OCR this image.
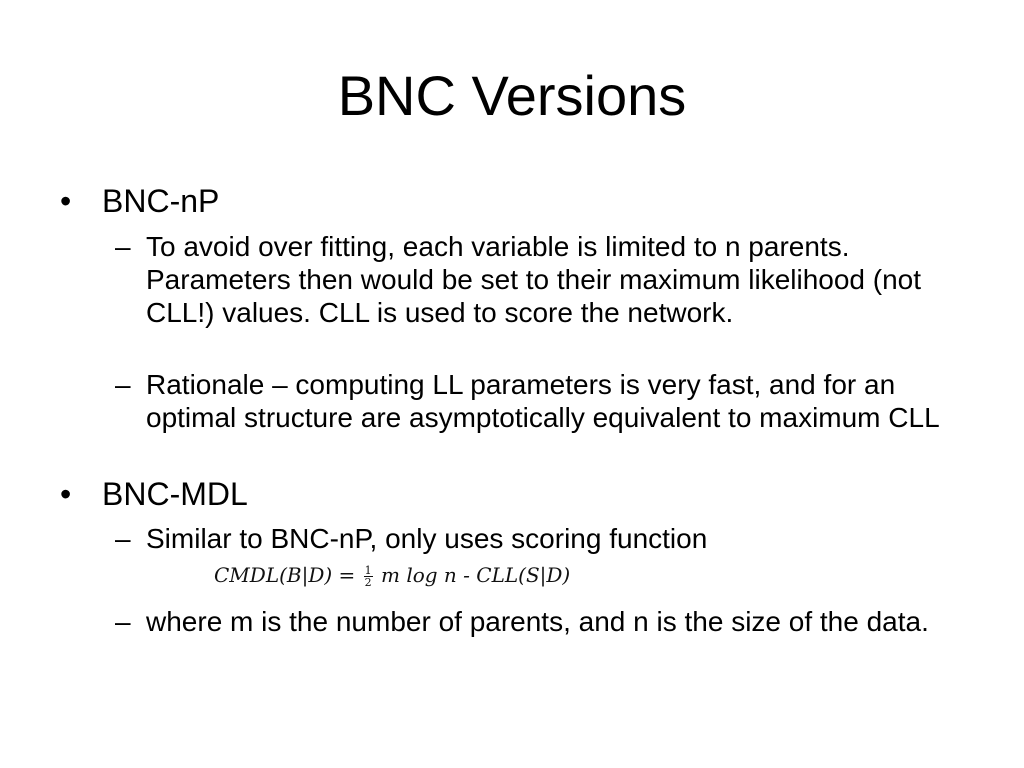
BNC Versions
• BNC-nP
– To avoid over fitting, each variable is limited to n parents. Parameters then would be set to their maximum likelihood (not CLL!) values. CLL is used to score the network.
– Rationale – computing LL parameters is very fast, and for an optimal structure are asymptotically equivalent to maximum CLL
• BNC-MDL
– Similar to BNC-nP, only uses scoring function
CMDL(B|D) = $\frac{1}{2}$ m log n - CLL(S|D)
– where m is the number of parents, and n is the size of the data.
